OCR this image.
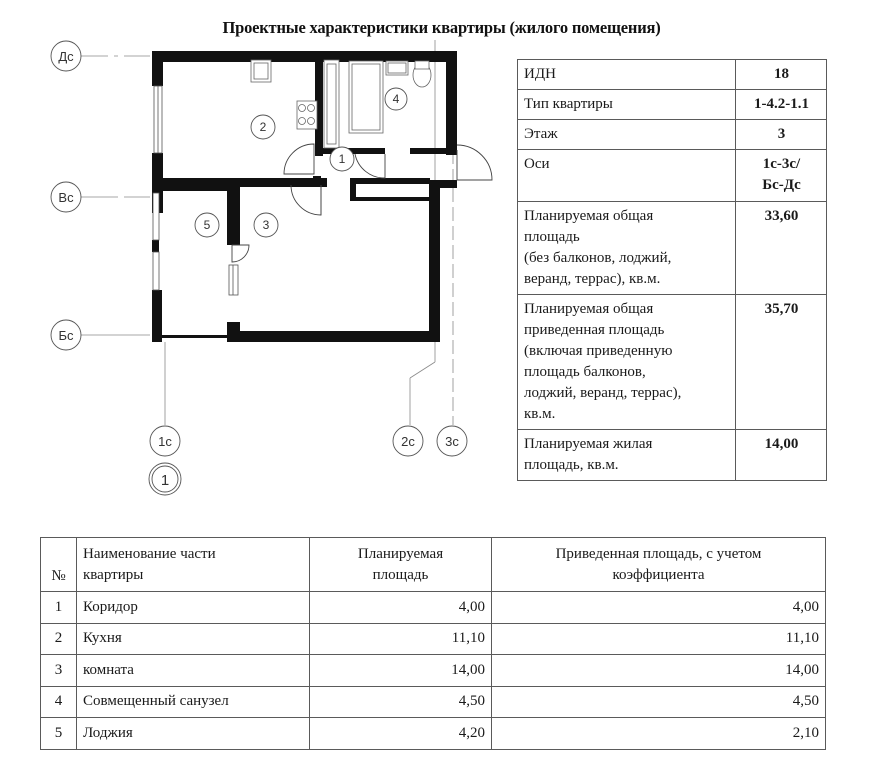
Проектные характеристики квартиры (жилого помещения)
2
1
4
5	3
Дс
Вс
Бс
1с	2с 3с
1
ИДН	18
Тип квартиры	1-4.2-1.1
Этаж	3
Оси	1с-3с/
Бс-Дс

Планируемая общая
площадь
(без балконов, лоджий,
веранд, террас), кв.м.	33,60

Планируемая общая
приведенная площадь
(включая приведенную
площадь балконов,
лоджий, веранд, террас),
кв.м.
	35,70

Планируемая жилая
площадь, кв.м.	14,00
№	
Наименование части
квартиры

Планируемая
площадь

Приведенная площадь, с учетом
коэффициента

1	Коридор	4,00	4,00
2	Кухня	11,10	11,10
3	комната	14,00	14,00
4	Совмещенный санузел	4,50	4,50
5	Лоджия	4,20	2,10
